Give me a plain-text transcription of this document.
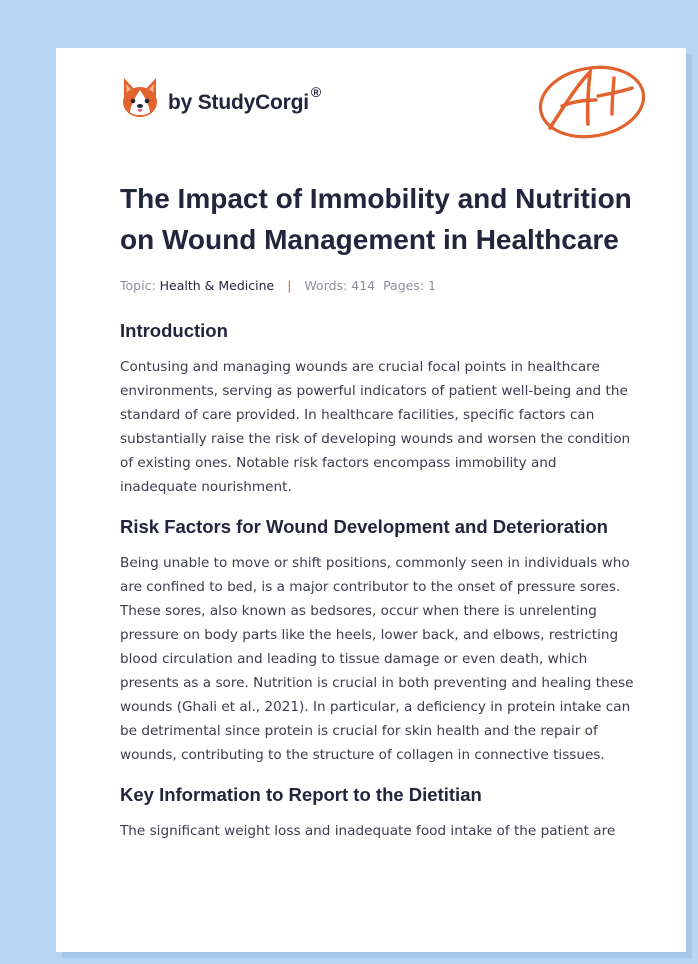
by StudyCorgi ®
The Impact of Immobility and Nutrition on Wound Management in Healthcare
Topic: Health & Medicine | Words: 414 Pages: 1
Introduction

Contusing and managing wounds are crucial focal points in healthcare environments, serving as powerful indicators of patient well-being and the standard of care provided. In healthcare facilities, specific factors can substantially raise the risk of developing wounds and worsen the condition of existing ones. Notable risk factors encompass immobility and inadequate nourishment.

Risk Factors for Wound Development and Deterioration

Being unable to move or shift positions, commonly seen in individuals who are confined to bed, is a major contributor to the onset of pressure sores. These sores, also known as bedsores, occur when there is unrelenting pressure on body parts like the heels, lower back, and elbows, restricting blood circulation and leading to tissue damage or even death, which presents as a sore. Nutrition is crucial in both preventing and healing these wounds (Ghali et al., 2021). In particular, a deficiency in protein intake can be detrimental since protein is crucial for skin health and the repair of wounds, contributing to the structure of collagen in connective tissues.

Key Information to Report to the Dietitian

The significant weight loss and inadequate food intake of the patient are
